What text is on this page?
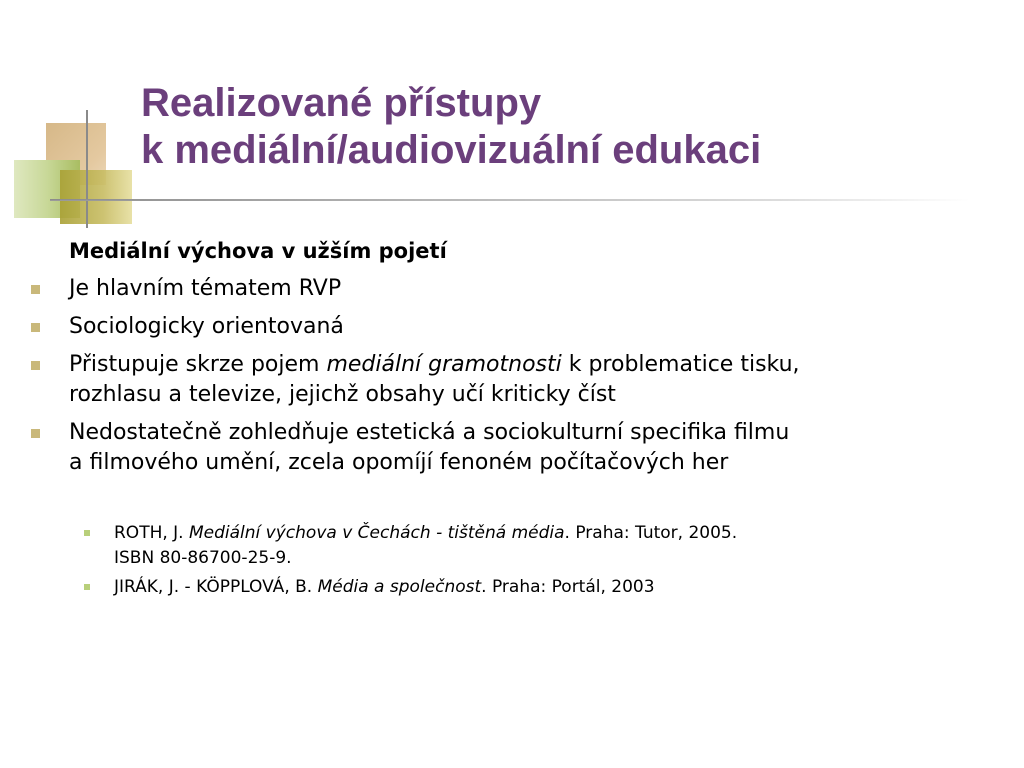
Realizované přístupy
k mediální/audiovizuální edukaci
Mediální výchova v užším pojetí
Je hlavním tématem RVP
Sociologicky orientovaná
Přistupuje skrze pojem mediální gramotnosti k problematice tisku,
rozhlasu a televize, jejichž obsahy učí kriticky číst
Nedostatečně zohledňuje estetická a sociokulturní specifika filmu
a filmového umění, zcela opomíjí fenonéм počítačových her
ROTH, J. Mediální výchova v Čechách - tištěná média. Praha: Tutor, 2005.
ISBN 80-86700-25-9.
JIRÁK, J. - KÖPPLOVÁ, B. Média a společnost. Praha: Portál, 2003
